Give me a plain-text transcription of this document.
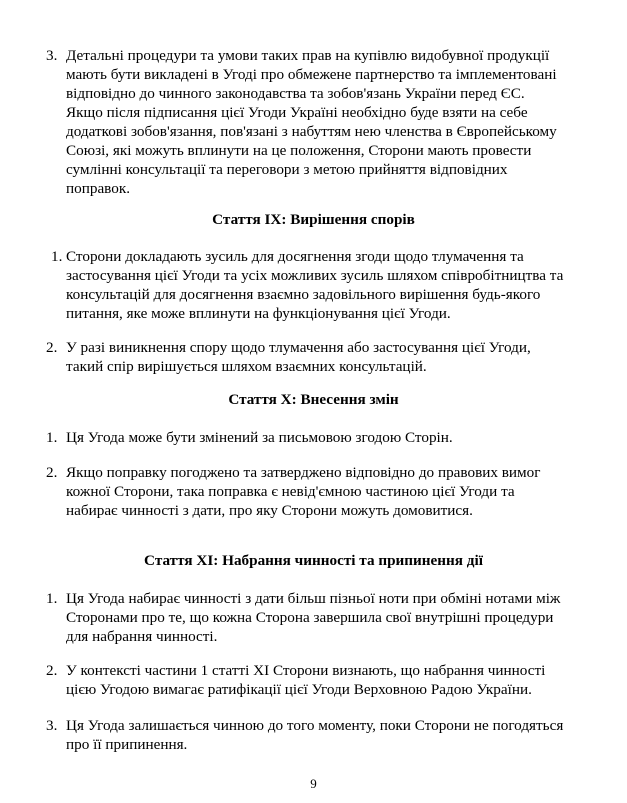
3. Детальні процедури та умови таких прав на купівлю видобувної продукції
мають бути викладені в Угоді про обмежене партнерство та імплементовані
відповідно до чинного законодавства та зобов'язань України перед ЄС.
Якщо після підписання цієї Угоди Україні необхідно буде взяти на себе
додаткові зобов'язання, пов'язані з набуттям нею членства в Європейському
Союзі, які можуть вплинути на це положення, Сторони мають провести
сумлінні консультації та переговори з метою прийняття відповідних
поправок.
Стаття IX: Вирішення спорів
1. Сторони докладають зусиль для досягнення згоди щодо тлумачення та
застосування цієї Угоди та усіх можливих зусиль шляхом співробітництва та
консультацій для досягнення взаємно задовільного вирішення будь-якого
питання, яке може вплинути на функціонування цієї Угоди.
2. У разі виникнення спору щодо тлумачення або застосування цієї Угоди,
такий спір вирішується шляхом взаємних консультацій.
Стаття X: Внесення змін
1. Ця Угода може бути змінений за письмовою згодою Сторін.
2. Якщо поправку погоджено та затверджено відповідно до правових вимог
кожної Сторони, така поправка є невід'ємною частиною цієї Угоди та
набирає чинності з дати, про яку Сторони можуть домовитися.
Стаття XI: Набрання чинності та припинення дії
1. Ця Угода набирає чинності з дати більш пізньої ноти при обміні нотами між
Сторонами про те, що кожна Сторона завершила свої внутрішні процедури
для набрання чинності.
2. У контексті частини 1 статті XI Сторони визнають, що набрання чинності
цією Угодою вимагає ратифікації цієї Угоди Верховною Радою України.
3. Ця Угода залишається чинною до того моменту, поки Сторони не погодяться
про її припинення.
9
